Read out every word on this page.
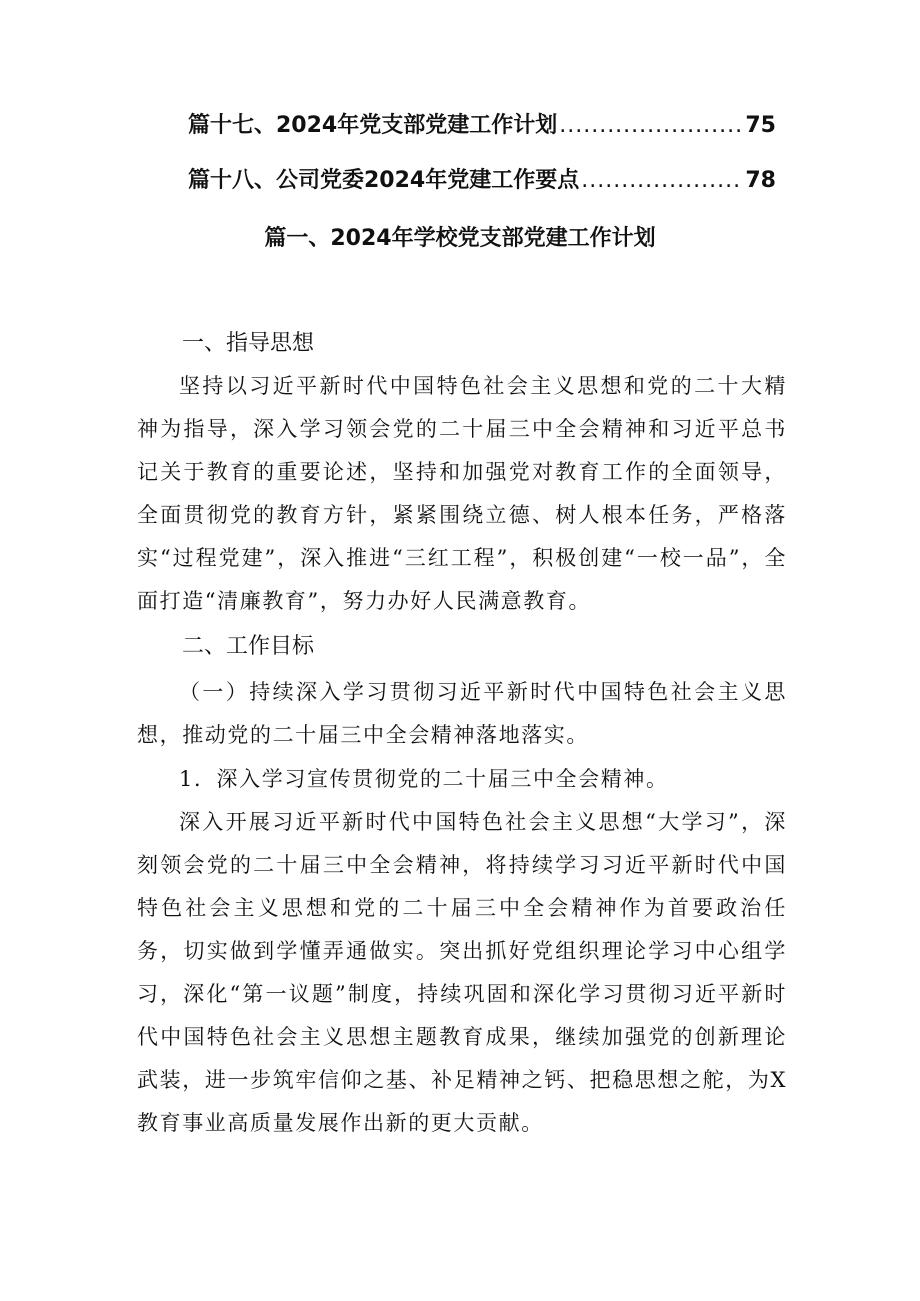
篇十七、2024年党支部党建工作计划 .....	75
篇十八、公司党委2024年党建工作要点 .....	78
篇一、2024年学校党支部党建工作计划
一、指导思想

坚持以习近平新时代中国特色社会主义思想和党的二十大精神为指导，深入学习领会党的二十届三中全会精神和习近平总书记关于教育的重要论述，坚持和加强党对教育工作的全面领导，全面贯彻党的教育方针，紧紧围绕立德、树人根本任务，严格落实“过程党建”，深入推进“三红工程”，积极创建“一校一品”，全面打造“清廉教育”，努力办好人民满意教育。

二、工作目标

（一）持续深入学习贯彻习近平新时代中国特色社会主义思想，推动党的二十届三中全会精神落地落实。

1．深入学习宣传贯彻党的二十届三中全会精神。

深入开展习近平新时代中国特色社会主义思想“大学习”，深刻领会党的二十届三中全会精神，将持续学习习近平新时代中国特色社会主义思想和党的二十届三中全会精神作为首要政治任务，切实做到学懂弄通做实。突出抓好党组织理论学习中心组学习，深化“第一议题”制度，持续巩固和深化学习贯彻习近平新时代中国特色社会主义思想主题教育成果，继续加强党的创新理论武装，进一步筑牢信仰之基、补足精神之钙、把稳思想之舵，为X教育事业高质量发展作出新的更大贡献。
